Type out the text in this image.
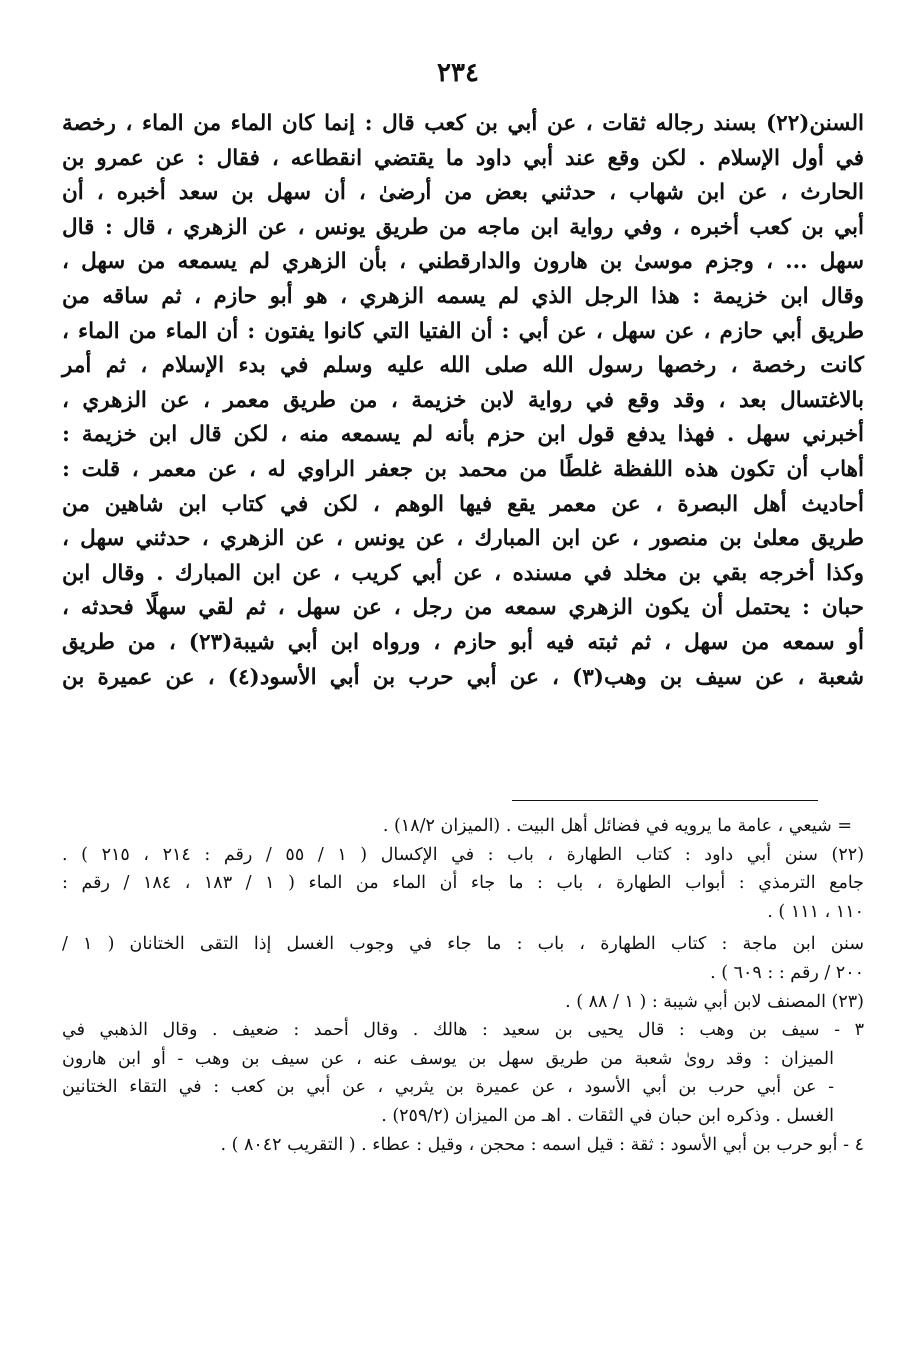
٢٣٤
السنن(٢٢) بسند رجاله ثقات ، عن أبي بن كعب قال : إنما كان الماء من الماء ، رخصة
في أول الإسلام . لكن وقع عند أبي داود ما يقتضي انقطاعه ، فقال : عن عمرو بن
الحارث ، عن ابن شهاب ، حدثني بعض من أرضىٰ ، أن سهل بن سعد أخبره ، أن
أبي بن كعب أخبره ، وفي رواية ابن ماجه من طريق يونس ، عن الزهري ، قال : قال
سهل ... ، وجزم موسىٰ بن هارون والدارقطني ، بأن الزهري لم يسمعه من سهل ،
وقال ابن خزيمة : هذا الرجل الذي لم يسمه الزهري ، هو أبو حازم ، ثم ساقه من
طريق أبي حازم ، عن سهل ، عن أبي : أن الفتيا التي كانوا يفتون : أن الماء من الماء ،
كانت رخصة ، رخصها رسول الله صلى الله عليه وسلم في بدء الإسلام ، ثم أمر
بالاغتسال بعد ، وقد وقع في رواية لابن خزيمة ، من طريق معمر ، عن الزهري ،
أخبرني سهل . فهذا يدفع قول ابن حزم بأنه لم يسمعه منه ، لكن قال ابن خزيمة :
أهاب أن تكون هذه اللفظة غلطًا من محمد بن جعفر الراوي له ، عن معمر ، قلت :
أحاديث أهل البصرة ، عن معمر يقع فيها الوهم ، لكن في كتاب ابن شاهين من
طريق معلىٰ بن منصور ، عن ابن المبارك ، عن يونس ، عن الزهري ، حدثني سهل ،
وكذا أخرجه بقي بن مخلد في مسنده ، عن أبي كريب ، عن ابن المبارك . وقال ابن
حبان : يحتمل أن يكون الزهري سمعه من رجل ، عن سهل ، ثم لقي سهلًا فحدثه ،
أو سمعه من سهل ، ثم ثبته فيه أبو حازم ، ورواه ابن أبي شيبة(٢٣) ، من طريق
شعبة ، عن سيف بن وهب(٣) ، عن أبي حرب بن أبي الأسود(٤) ، عن عميرة بن
= شيعي ، عامة ما يرويه في فضائل أهل البيت . (الميزان ١٨/٢) .
(٢٢) سنن أبي داود : كتاب الطهارة ، باب : في الإكسال ( ١ / ٥٥ / رقم : ٢١٤ ، ٢١٥ ) .
جامع الترمذي : أبواب الطهارة ، باب : ما جاء أن الماء من الماء ( ١ / ١٨٣ ، ١٨٤ / رقم :
١١٠ ، ١١١ ) .
سنن ابن ماجة : كتاب الطهارة ، باب : ما جاء في وجوب الغسل إذا التقى الختانان ( ١ /
٢٠٠ / رقم : : ٦٠٩ ) .
(٢٣) المصنف لابن أبي شيبة : ( ١ / ٨٨ ) .
٣ - سيف بن وهب : قال يحيى بن سعيد : هالك . وقال أحمد : ضعيف . وقال الذهبي في
الميزان : وقد روىٰ شعبة من طريق سهل بن يوسف عنه ، عن سيف بن وهب - أو ابن هارون
- عن أبي حرب بن أبي الأسود ، عن عميرة بن يثربي ، عن أبي بن كعب : في التقاء الختانين
الغسل . وذكره ابن حبان في الثقات . اهـ من الميزان (٢٥٩/٢) .
٤ - أبو حرب بن أبي الأسود : ثقة : قيل اسمه : محجن ، وقيل : عطاء . ( التقريب ٨٠٤٢ ) .
